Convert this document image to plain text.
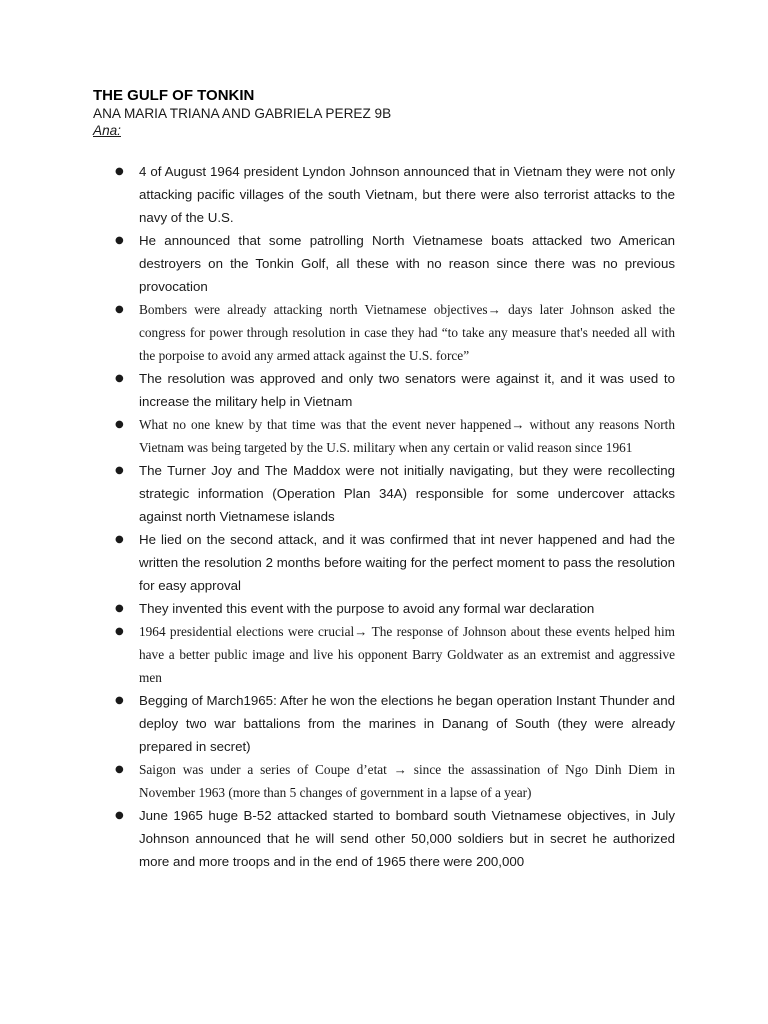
THE GULF OF TONKIN

ANA MARIA TRIANA AND GABRIELA PEREZ 9B

Ana:

● 4 of August 1964 president Lyndon Johnson announced that in Vietnam they were not only attacking pacific villages of the south Vietnam, but there were also terrorist attacks to the navy of the U.S.
● He announced that some patrolling North Vietnamese boats attacked two American destroyers on the Tonkin Golf, all these with no reason since there was no previous provocation
● Bombers were already attacking north Vietnamese objectives→ days later Johnson asked the congress for power through resolution in case they had “to take any measure that's needed all with the porpoise to avoid any armed attack against the U.S. force”
● The resolution was approved and only two senators were against it, and it was used to increase the military help in Vietnam
● What no one knew by that time was that the event never happened→ without any reasons North Vietnam was being targeted by the U.S. military when any certain or valid reason since 1961
● The Turner Joy and The Maddox were not initially navigating, but they were recollecting strategic information (Operation Plan 34A) responsible for some undercover attacks against north Vietnamese islands
● He lied on the second attack, and it was confirmed that int never happened and had the written the resolution 2 months before waiting for the perfect moment to pass the resolution for easy approval
● They invented this event with the purpose to avoid any formal war declaration
● 1964 presidential elections were crucial→ The response of Johnson about these events helped him have a better public image and live his opponent Barry Goldwater as an extremist and aggressive men
● Begging of March1965: After he won the elections he began operation Instant Thunder and deploy two war battalions from the marines in Danang of South (they were already prepared in secret)
● Saigon was under a series of Coupe d’etat → since the assassination of Ngo Dinh Diem in November 1963 (more than 5 changes of government in a lapse of a year)
● June 1965 huge B-52 attacked started to bombard south Vietnamese objectives, in July Johnson announced that he will send other 50,000 soldiers but in secret he authorized more and more troops and in the end of 1965 there were 200,000
